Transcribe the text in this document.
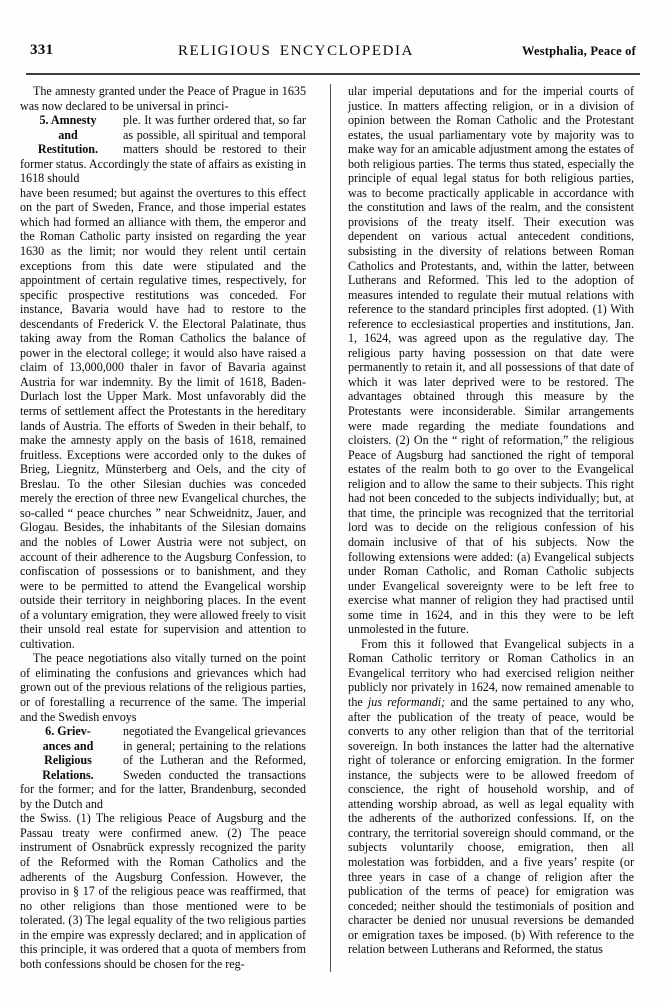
331	RELIGIOUS ENCYCLOPEDIA	Westphalia, Peace of

The amnesty granted under the Peace of Prague in 1635 was now declared to be universal in princi-

5. Amnesty
and
Restitution.

ple. It was further ordered that, so far as possible, all spiritual and temporal matters should be restored to their former status. Accordingly the state of affairs as existing in 1618 should

have been resumed; but against the overtures to this effect on the part of Sweden, France, and those imperial estates which had formed an alliance with them, the emperor and the Roman Catholic party insisted on regarding the year 1630 as the limit; nor would they relent until certain exceptions from this date were stipulated and the appointment of certain regulative times, respectively, for specific prospective restitutions was conceded. For instance, Bavaria would have had to restore to the descendants of Frederick V. the Electoral Palatinate, thus taking away from the Roman Catholics the balance of power in the electoral college; it would also have raised a claim of 13,000,000 thaler in favor of Bavaria against Austria for war indemnity. By the limit of 1618, Baden-Durlach lost the Upper Mark. Most unfavorably did the terms of settlement affect the Protestants in the hereditary lands of Austria. The efforts of Sweden in their behalf, to make the amnesty apply on the basis of 1618, remained fruitless. Exceptions were accorded only to the dukes of Brieg, Liegnitz, Münsterberg and Oels, and the city of Breslau. To the other Silesian duchies was conceded merely the erection of three new Evangelical churches, the so-called “ peace churches ” near Schweidnitz, Jauer, and Glogau. Besides, the inhabitants of the Silesian domains and the nobles of Lower Austria were not subject, on account of their adherence to the Augsburg Confession, to confiscation of possessions or to banishment, and they were to be permitted to attend the Evangelical worship outside their territory in neighboring places. In the event of a voluntary emigration, they were allowed freely to visit their unsold real estate for supervision and attention to cultivation.

The peace negotiations also vitally turned on the point of eliminating the confusions and grievances which had grown out of the previous relations of the religious parties, or of forestalling a recurrence of the same. The imperial and the Swedish envoys

6. Griev-
ances and
Religious
Relations.

negotiated the Evangelical grievances in general; pertaining to the relations of the Lutheran and the Reformed, Sweden conducted the transactions for the former; and for the latter, Brandenburg, seconded by the Dutch and

the Swiss. (1) The religious Peace of Augsburg and the Passau treaty were confirmed anew. (2) The peace instrument of Osnabrück expressly recognized the parity of the Reformed with the Roman Catholics and the adherents of the Augsburg Confession. However, the proviso in § 17 of the religious peace was reaffirmed, that no other religions than those mentioned were to be tolerated. (3) The legal equality of the two religious parties in the empire was expressly declared; and in application of this principle, it was ordered that a quota of members from both confessions should be chosen for the reg-

ular imperial deputations and for the imperial courts of justice. In matters affecting religion, or in a division of opinion between the Roman Catholic and the Protestant estates, the usual parliamentary vote by majority was to make way for an amicable adjustment among the estates of both religious parties. The terms thus stated, especially the principle of equal legal status for both religious parties, was to become practically applicable in accordance with the constitution and laws of the realm, and the consistent provisions of the treaty itself. Their execution was dependent on various actual antecedent conditions, subsisting in the diversity of relations between Roman Catholics and Protestants, and, within the latter, between Lutherans and Reformed. This led to the adoption of measures intended to regulate their mutual relations with reference to the standard principles first adopted. (1) With reference to ecclesiastical properties and institutions, Jan. 1, 1624, was agreed upon as the regulative day. The religious party having possession on that date were permanently to retain it, and all possessions of that date of which it was later deprived were to be restored. The advantages obtained through this measure by the Protestants were inconsiderable. Similar arrangements were made regarding the mediate foundations and cloisters. (2) On the “ right of reformation,” the religious Peace of Augsburg had sanctioned the right of temporal estates of the realm both to go over to the Evangelical religion and to allow the same to their subjects. This right had not been conceded to the subjects individually; but, at that time, the principle was recognized that the territorial lord was to decide on the religious confession of his domain inclusive of that of his subjects. Now the following extensions were added: (a) Evangelical subjects under Roman Catholic, and Roman Catholic subjects under Evangelical sovereignty were to be left free to exercise what manner of religion they had practised until some time in 1624, and in this they were to be left unmolested in the future.

From this it followed that Evangelical subjects in a Roman Catholic territory or Roman Catholics in an Evangelical territory who had exercised religion neither publicly nor privately in 1624, now remained amenable to the jus reformandi; and the same pertained to any who, after the publication of the treaty of peace, would be converts to any other religion than that of the territorial sovereign. In both instances the latter had the alternative right of tolerance or enforcing emigration. In the former instance, the subjects were to be allowed freedom of conscience, the right of household worship, and of attending worship abroad, as well as legal equality with the adherents of the authorized confessions. If, on the contrary, the territorial sovereign should command, or the subjects voluntarily choose, emigration, then all molestation was forbidden, and a five years’ respite (or three years in case of a change of religion after the publication of the terms of peace) for emigration was conceded; neither should the testimonials of position and character be denied nor unusual reversions be demanded or emigration taxes be imposed. (b) With reference to the relation between Lutherans and Reformed, the status
